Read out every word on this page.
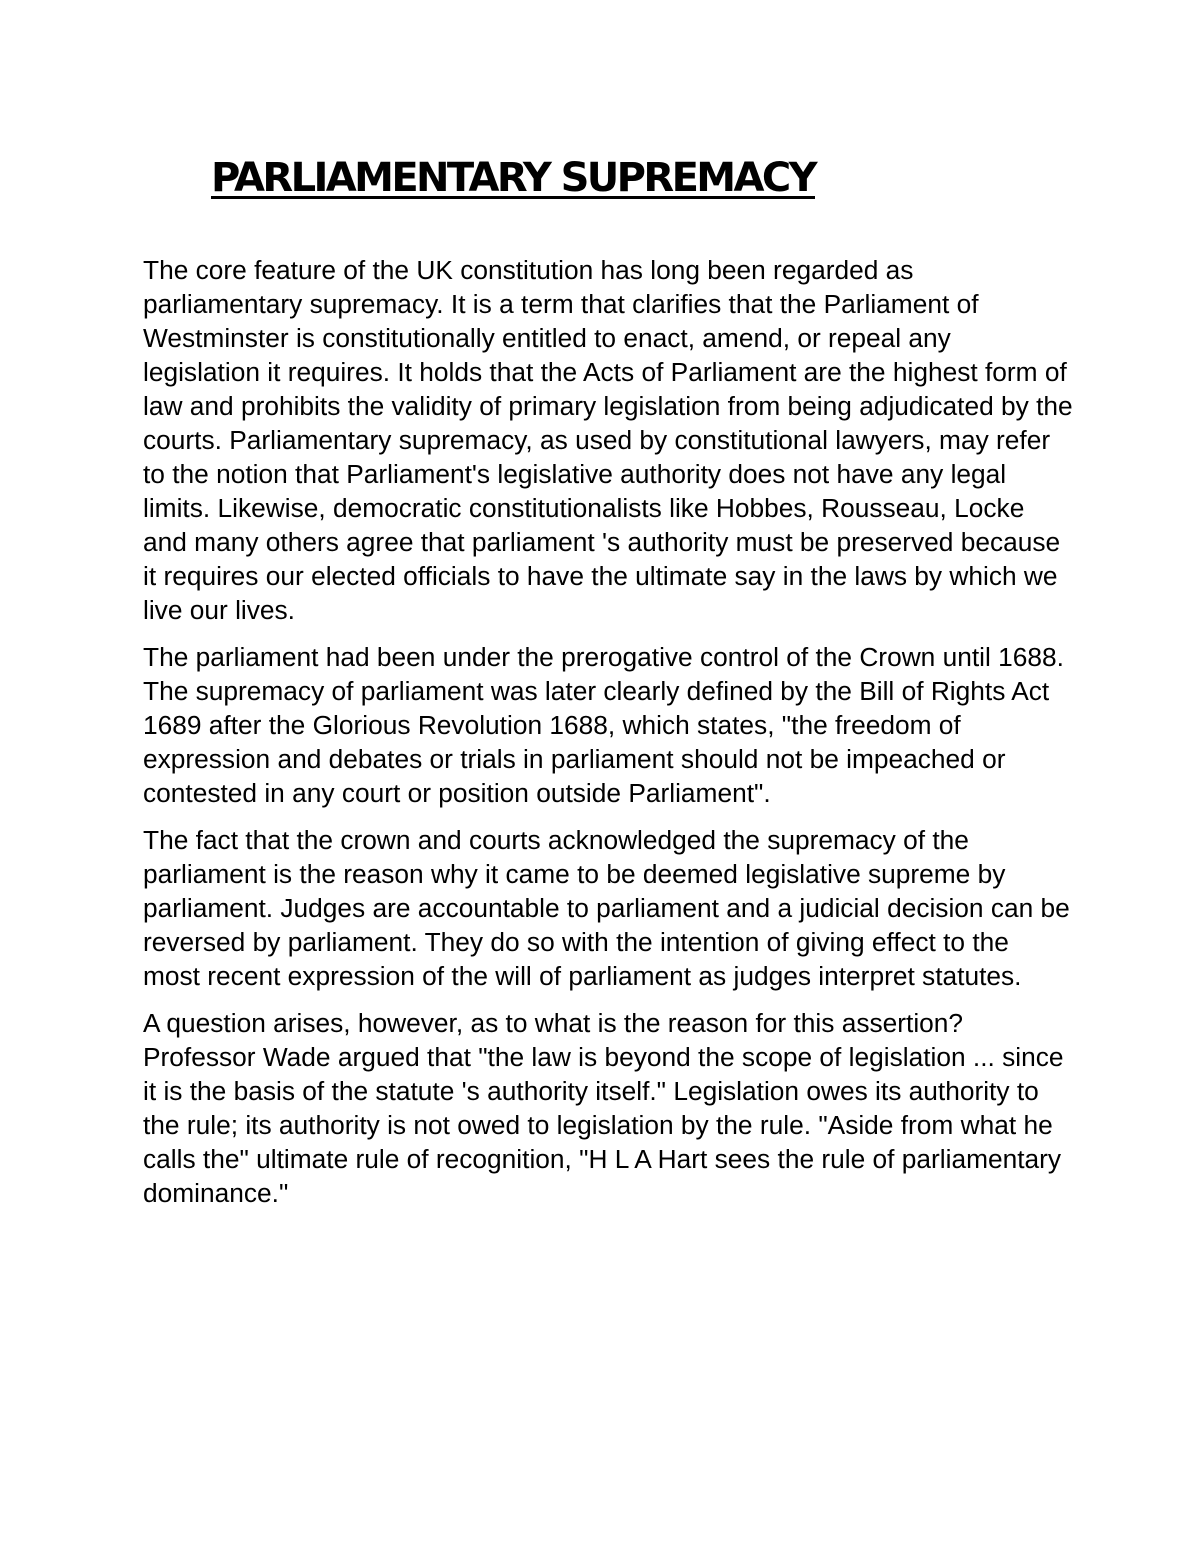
PARLIAMENTARY SUPREMACY

The core feature of the UK constitution has long been regarded as parliamentary supremacy. It is a term that clarifies that the Parliament of Westminster is constitutionally entitled to enact, amend, or repeal any legislation it requires. It holds that the Acts of Parliament are the highest form of law and prohibits the validity of primary legislation from being adjudicated by the courts. Parliamentary supremacy, as used by constitutional lawyers, may refer to the notion that Parliament's legislative authority does not have any legal limits. Likewise, democratic constitutionalists like Hobbes, Rousseau, Locke and many others agree that parliament 's authority must be preserved because it requires our elected officials to have the ultimate say in the laws by which we live our lives.

The parliament had been under the prerogative control of the Crown until 1688. The supremacy of parliament was later clearly defined by the Bill of Rights Act 1689 after the Glorious Revolution 1688, which states, "the freedom of expression and debates or trials in parliament should not be impeached or contested in any court or position outside Parliament".

The fact that the crown and courts acknowledged the supremacy of the parliament is the reason why it came to be deemed legislative supreme by parliament. Judges are accountable to parliament and a judicial decision can be reversed by parliament. They do so with the intention of giving effect to the most recent expression of the will of parliament as judges interpret statutes.

A question arises, however, as to what is the reason for this assertion? Professor Wade argued that "the law is beyond the scope of legislation ... since it is the basis of the statute 's authority itself." Legislation owes its authority to the rule; its authority is not owed to legislation by the rule. "Aside from what he calls the" ultimate rule of recognition, "H L A Hart sees the rule of parliamentary dominance."
